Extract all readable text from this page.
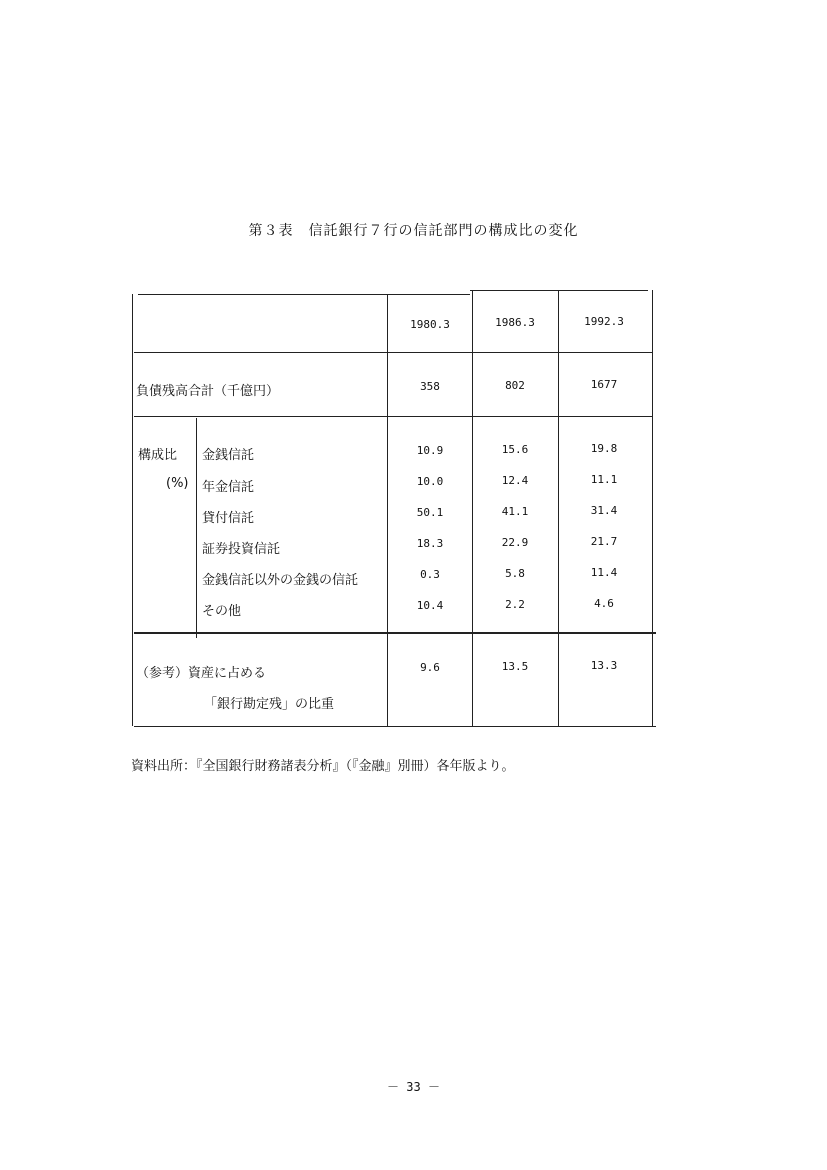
第３表　信託銀行７行の信託部門の構成比の変化
1980.3	1986.3	1992.3
負債残高合計（千億円）	358	802	1677
構成比
(%)
金銭信託	10.9	15.6	19.8
年金信託	10.0	12.4	11.1
貸付信託	50.1	41.1	31.4
証券投資信託	18.3	22.9	21.7
金銭信託以外の金銭の信託	0.3	5.8	11.4
その他	10.4	2.2	4.6
（参考）資産に占める
「銀行勘定残」の比重
9.6	13.5	13.3
資料出所：『全国銀行財務諸表分析』（『金融』別冊）各年版より。
－ 33 －
